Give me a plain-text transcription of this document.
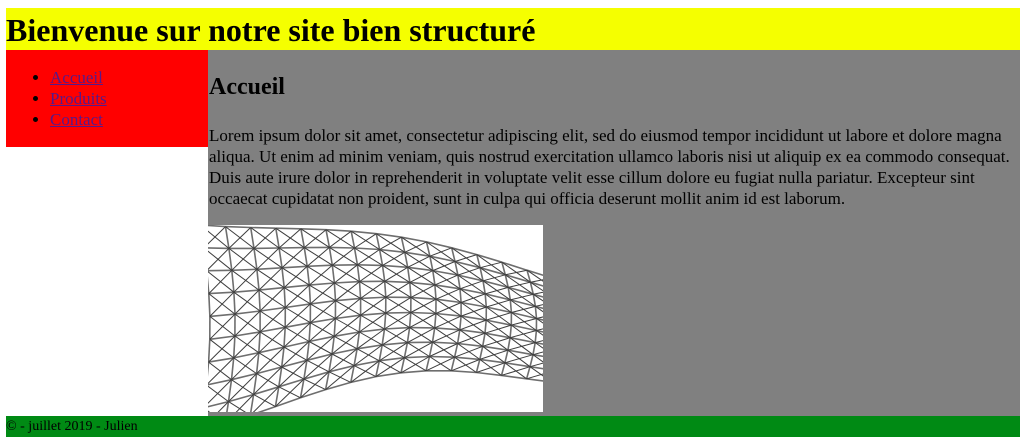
Bienvenue sur notre site bien structuré
• Accueil
• Produits
• Contact
Accueil

Lorem ipsum dolor sit amet, consectetur adipiscing elit, sed do eiusmod tempor incididunt ut labore et dolore magna aliqua. Ut enim ad minim veniam, quis nostrud exercitation ullamco laboris nisi ut aliquip ex ea commodo consequat. Duis aute irure dolor in reprehenderit in voluptate velit esse cillum dolore eu fugiat nulla pariatur. Excepteur sint occaecat cupidatat non proident, sunt in culpa qui officia deserunt mollit anim id est laborum.

© - juillet 2019 - Julien
